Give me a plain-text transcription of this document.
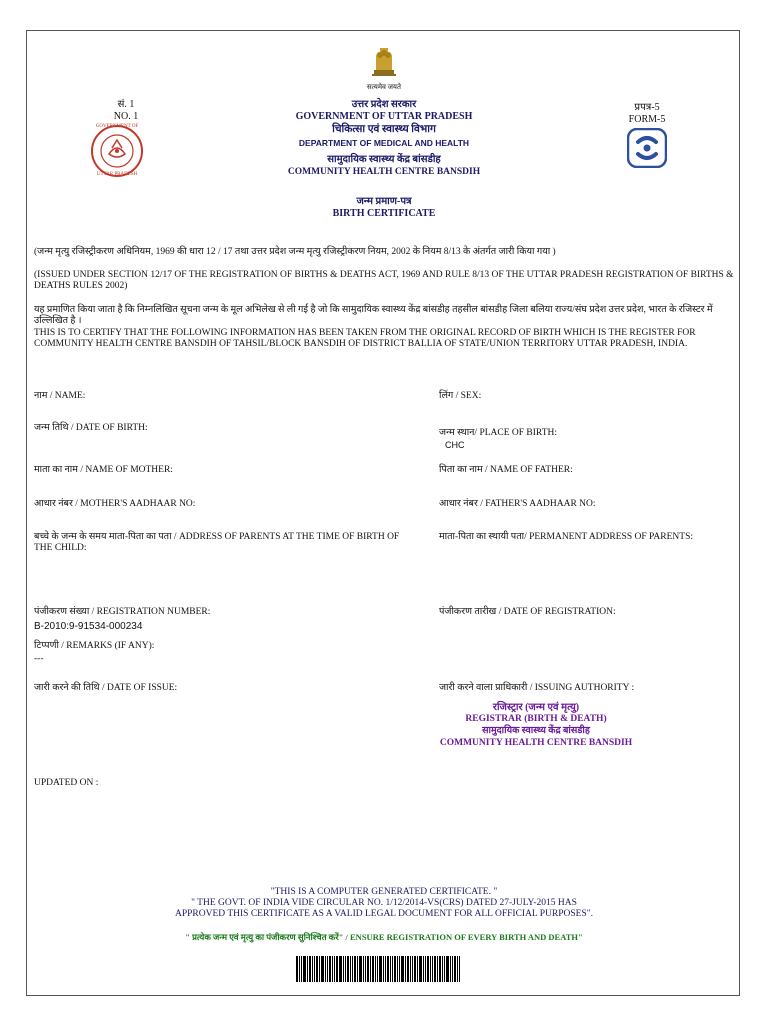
सत्यमेव जयते
सं. 1
NO. 1
GOVERNMENT OF
UTTAR PRADESH
प्रपत्र-5
FORM-5
उत्तर प्रदेश सरकार
GOVERNMENT OF UTTAR PRADESH
चिकित्सा एवं स्वास्थ्य विभाग
DEPARTMENT OF MEDICAL AND HEALTH
सामुदायिक स्वास्थ्य केंद्र बांसडीह
COMMUNITY HEALTH CENTRE BANSDIH
जन्म प्रमाण-पत्र
BIRTH CERTIFICATE
(जन्म मृत्यु रजिस्ट्रीकरण अधिनियम, 1969 की धारा 12 / 17 तथा उत्तर प्रदेश जन्म मृत्यु रजिस्ट्रीकरण नियम, 2002 के नियम 8/13 के अंतर्गत जारी किया गया )
(ISSUED UNDER SECTION 12/17 OF THE REGISTRATION OF BIRTHS & DEATHS ACT, 1969 AND RULE 8/13 OF THE UTTAR PRADESH REGISTRATION OF BIRTHS & DEATHS RULES 2002)
यह प्रमाणित किया जाता है कि निम्नलिखित सूचना जन्म के मूल अभिलेख से ली गई है जो कि सामुदायिक स्वास्थ्य केंद्र बांसडीह तहसील बांसडीह जिला बलिया राज्य/संघ प्रदेश उत्तर प्रदेश, भारत के रजिस्टर में उल्लिखित है ।
THIS IS TO CERTIFY THAT THE FOLLOWING INFORMATION HAS BEEN TAKEN FROM THE ORIGINAL RECORD OF BIRTH WHICH IS THE REGISTER FOR COMMUNITY HEALTH CENTRE BANSDIH OF TAHSIL/BLOCK BANSDIH OF DISTRICT BALLIA OF STATE/UNION TERRITORY UTTAR PRADESH, INDIA.
नाम / NAME:
जन्म तिथि / DATE OF BIRTH:
माता का नाम / NAME OF MOTHER:
आधार नंबर / MOTHER'S AADHAAR NO:
बच्चे के जन्म के समय माता-पिता का पता / ADDRESS OF PARENTS AT THE TIME OF BIRTH OF THE CHILD:
पंजीकरण संख्या / REGISTRATION NUMBER:
B-2010:9-91534-000234
टिप्पणी / REMARKS (IF ANY):
---
जारी करने की तिथि / DATE OF ISSUE:
लिंग / SEX:
जन्म स्थान/ PLACE OF BIRTH:
CHC
पिता का नाम / NAME OF FATHER:
आधार नंबर / FATHER'S AADHAAR NO:
माता-पिता का स्थायी पता/ PERMANENT ADDRESS OF PARENTS:
पंजीकरण तारीख / DATE OF REGISTRATION:
जारी करने वाला प्राधिकारी / ISSUING AUTHORITY :
रजिस्ट्रार (जन्म एवं मृत्यु)
REGISTRAR (BIRTH & DEATH)
सामुदायिक स्वास्थ्य केंद्र बांसडीह
COMMUNITY HEALTH CENTRE BANSDIH
UPDATED ON :
"THIS IS A COMPUTER GENERATED CERTIFICATE. "
" THE GOVT. OF INDIA VIDE CIRCULAR NO. 1/12/2014-VS(CRS) DATED 27-JULY-2015 HAS
APPROVED THIS CERTIFICATE AS A VALID LEGAL DOCUMENT FOR ALL OFFICIAL PURPOSES".
" प्रत्येक जन्म एवं मृत्यु का पंजीकरण सुनिश्चित करें" / ENSURE REGISTRATION OF EVERY BIRTH AND DEATH"
